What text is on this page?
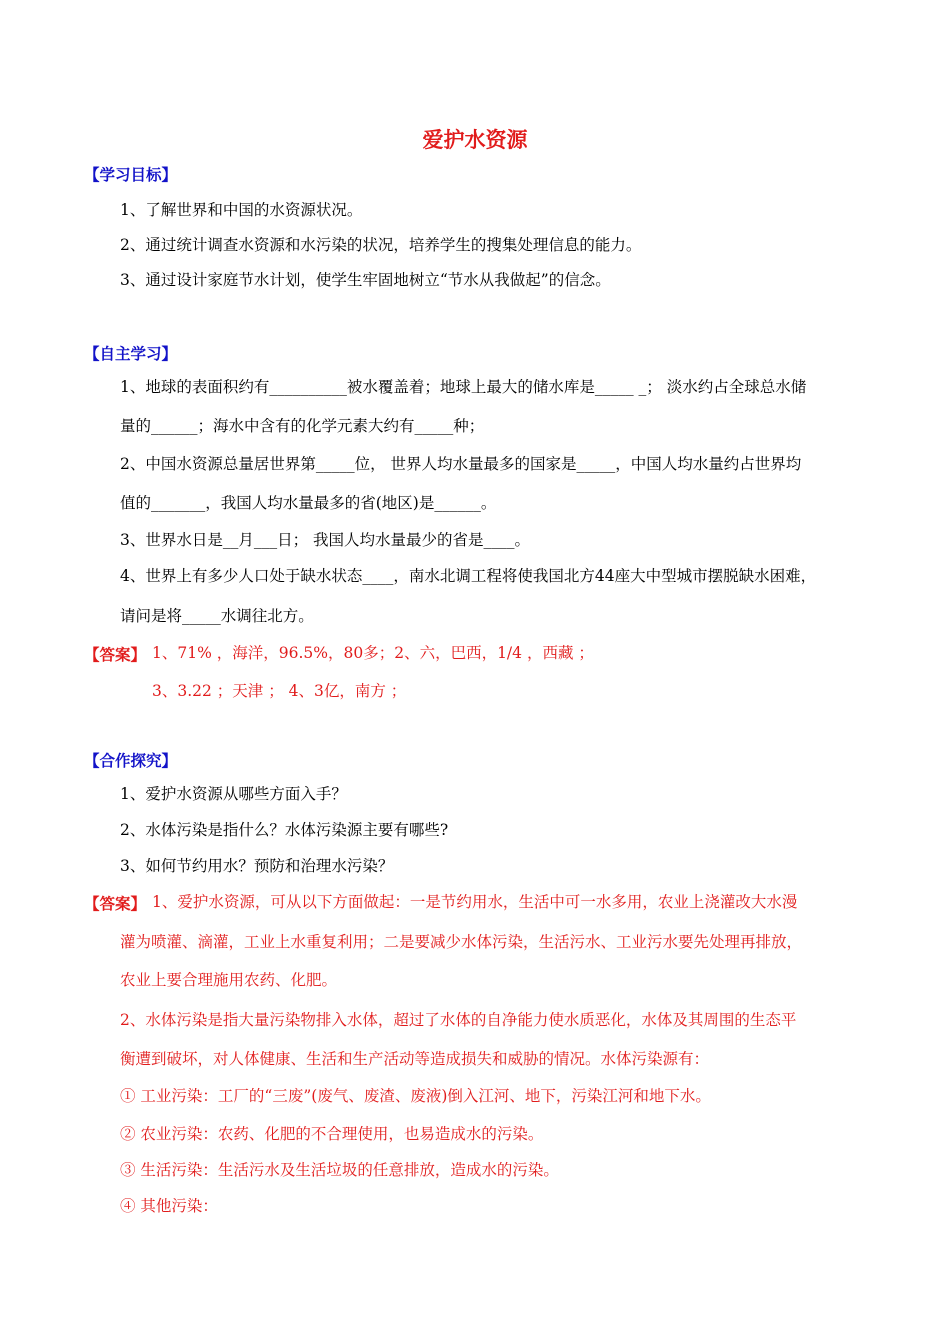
爱护水资源
【学习目标】
1、了解世界和中国的水资源状况。
2、通过统计调查水资源和水污染的状况，培养学生的搜集处理信息的能力。
3、通过设计家庭节水计划，使学生牢固地树立“节水从我做起”的信念。
【自主学习】
1、地球的表面积约有__________被水覆盖着；地球上最大的储水库是_____ _； 淡水约占全球总水储
量的______；海水中含有的化学元素大约有_____种；
2、中国水资源总量居世界第_____位， 世界人均水量最多的国家是_____，中国人均水量约占世界均
值的_______，我国人均水量最多的省(地区)是______。
3、世界水日是__月___日； 我国人均水量最少的省是____。
4、世界上有多少人口处于缺水状态____，南水北调工程将使我国北方44座大中型城市摆脱缺水困难，
请问是将_____水调往北方。
【答案】 1、71% ，海洋，96.5%，80多；2、六，巴西，1/4 ，西藏 ；
3、3.22 ；天津 ； 4、3亿，南方 ；
【合作探究】
1、爱护水资源从哪些方面入手？
2、水体污染是指什么？水体污染源主要有哪些?
3、如何节约用水？预防和治理水污染？
【答案】 1、爱护水资源，可从以下方面做起：一是节约用水，生活中可一水多用，农业上浇灌改大水漫
灌为喷灌、滴灌，工业上水重复利用；二是要减少水体污染，生活污水、工业污水要先处理再排放，
农业上要合理施用农药、化肥。
2、水体污染是指大量污染物排入水体，超过了水体的自净能力使水质恶化，水体及其周围的生态平
衡遭到破坏，对人体健康、生活和生产活动等造成损失和威胁的情况。水体污染源有：
① 工业污染：工厂的“三废”(废气、废渣、废液)倒入江河、地下，污染江河和地下水。
② 农业污染：农药、化肥的不合理使用，也易造成水的污染。
③ 生活污染：生活污水及生活垃圾的任意排放，造成水的污染。
④ 其他污染：
